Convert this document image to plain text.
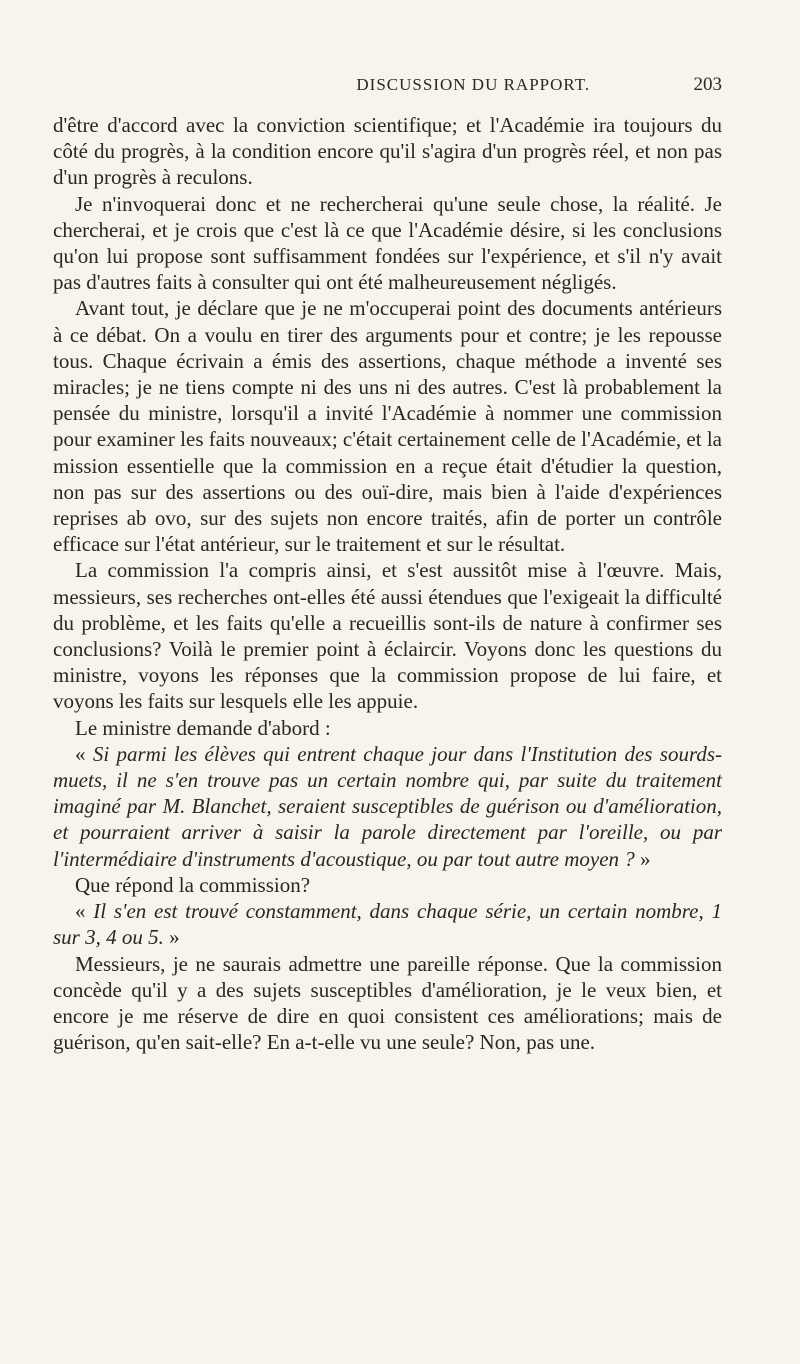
DISCUSSION DU RAPPORT.	203

d'être d'accord avec la conviction scientifique; et l'Académie ira toujours du côté du progrès, à la condition encore qu'il s'agira d'un progrès réel, et non pas d'un progrès à reculons.

Je n'invoquerai donc et ne rechercherai qu'une seule chose, la réalité. Je chercherai, et je crois que c'est là ce que l'Académie désire, si les conclusions qu'on lui propose sont suffisamment fondées sur l'expérience, et s'il n'y avait pas d'autres faits à consulter qui ont été malheureusement négligés.

Avant tout, je déclare que je ne m'occuperai point des documents antérieurs à ce débat. On a voulu en tirer des arguments pour et contre; je les repousse tous. Chaque écrivain a émis des assertions, chaque méthode a inventé ses miracles; je ne tiens compte ni des uns ni des autres. C'est là probablement la pensée du ministre, lorsqu'il a invité l'Académie à nommer une commission pour examiner les faits nouveaux; c'était certainement celle de l'Académie, et la mission essentielle que la commission en a reçue était d'étudier la question, non pas sur des assertions ou des ouï-dire, mais bien à l'aide d'expériences reprises ab ovo, sur des sujets non encore traités, afin de porter un contrôle efficace sur l'état antérieur, sur le traitement et sur le résultat.

La commission l'a compris ainsi, et s'est aussitôt mise à l'œuvre. Mais, messieurs, ses recherches ont-elles été aussi étendues que l'exigeait la difficulté du problème, et les faits qu'elle a recueillis sont-ils de nature à confirmer ses conclusions? Voilà le premier point à éclaircir. Voyons donc les questions du ministre, voyons les réponses que la commission propose de lui faire, et voyons les faits sur lesquels elle les appuie.

Le ministre demande d'abord :

« Si parmi les élèves qui entrent chaque jour dans l'Institution des sourds-muets, il ne s'en trouve pas un certain nombre qui, par suite du traitement imaginé par M. Blanchet, seraient susceptibles de guérison ou d'amélioration, et pourraient arriver à saisir la parole directement par l'oreille, ou par l'intermédiaire d'instruments d'acoustique, ou par tout autre moyen ? »

Que répond la commission?

« Il s'en est trouvé constamment, dans chaque série, un certain nombre, 1 sur 3, 4 ou 5. »

Messieurs, je ne saurais admettre une pareille réponse. Que la commission concède qu'il y a des sujets susceptibles d'amélioration, je le veux bien, et encore je me réserve de dire en quoi consistent ces améliorations; mais de guérison, qu'en sait-elle? En a-t-elle vu une seule? Non, pas une.
